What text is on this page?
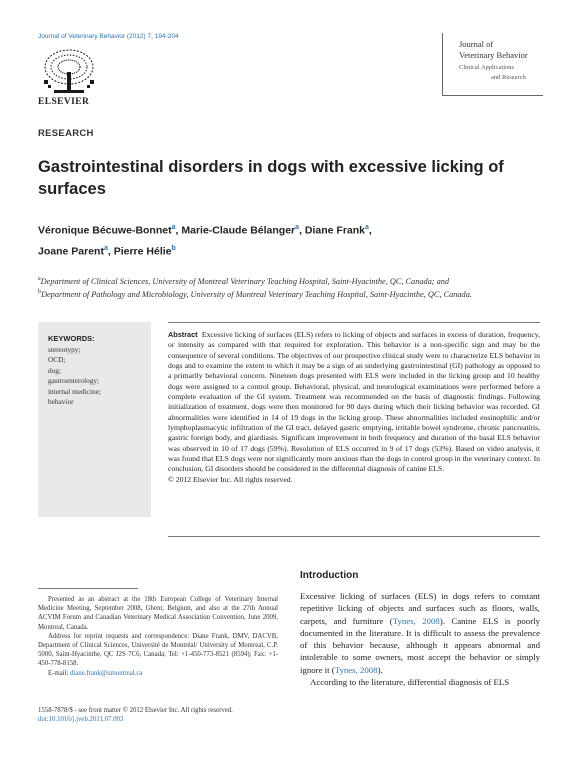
Journal of Veterinary Behavior (2012) 7, 194-204
ELSEVIER
Journal of
Veterinary Behavior
Clinical Applications
and Research
RESEARCH
Gastrointestinal disorders in dogs with excessive licking of surfaces
Véronique Bécuwe-Bonnet$^a$, Marie-Claude Bélanger$^a$, Diane Frank$^a$,
Joane Parent$^a$, Pierre Hélie$^b$
$^a$Department of Clinical Sciences, University of Montreal Veterinary Teaching Hospital, Saint-Hyacinthe, QC, Canada; and
$^b$Department of Pathology and Microbiology, University of Montreal Veterinary Teaching Hospital, Saint-Hyacinthe, QC, Canada.
KEYWORDS:
stereotypy;
OCD;
dog;
gastroenterology;
internal medicine;
behavior
Abstract Excessive licking of surfaces (ELS) refers to licking of objects and surfaces in excess of duration, frequency, or intensity as compared with that required for exploration. This behavior is a non-specific sign and may be the consequence of several conditions. The objectives of our prospective clinical study were to characterize ELS behavior in dogs and to examine the extent to which it may be a sign of an underlying gastrointestinal (GI) pathology as opposed to a primarily behavioral concern. Nineteen dogs presented with ELS were included in the licking group and 10 healthy dogs were assigned to a control group. Behavioral, physical, and neurological examinations were performed before a complete evaluation of the GI system. Treatment was recommended on the basis of diagnostic findings. Following initialization of treatment, dogs were then monitored for 90 days during which their licking behavior was recorded. GI abnormalities were identified in 14 of 19 dogs in the licking group. These abnormalities included eosinophilic and/or lymphoplasmacytic infiltration of the GI tract, delayed gastric emptying, irritable bowel syndrome, chronic pancreatitis, gastric foreign body, and giardiasis. Significant improvement in both frequency and duration of the basal ELS behavior was observed in 10 of 17 dogs (59%). Resolution of ELS occurred in 9 of 17 dogs (53%). Based on video analysis, it was found that ELS dogs were not significantly more anxious than the dogs in control group in the veterinary context. In conclusion, GI disorders should be considered in the differential diagnosis of canine ELS.
© 2012 Elsevier Inc. All rights reserved.

Presented as an abstract at the 18th European College of Veterinary Internal Medicine Meeting, September 2008, Ghent, Belgium, and also at the 27th Annual ACVIM Forum and Canadian Veterinary Medical Association Convention, June 2009, Montreal, Canada.

Address for reprint requests and correspondence: Diane Frank, DMV, DACVB, Department of Clinical Sciences, Université de Montréal/ University of Montreal, C.P. 5000, Saint-Hyacinthe, QC J2S 7C6, Canada; Tel: +1-450-773-8521 (8594); Fax: +1-450-778-8158.

E-mail: diane.frank@umontreal.ca

Introduction
Excessive licking of surfaces (ELS) in dogs refers to constant repetitive licking of objects and surfaces such as floors, walls, carpets, and furniture (Tynes, 2008). Canine ELS is poorly documented in the literature. It is difficult to assess the prevalence of this behavior because, although it appears abnormal and intolerable to some owners, most accept the behavior or simply ignore it (Tynes, 2008).
According to the literature, differential diagnosis of ELS
1558-7878/$ - see front matter © 2012 Elsevier Inc. All rights reserved.
doi:10.1016/j.jveb.2011.07.003
